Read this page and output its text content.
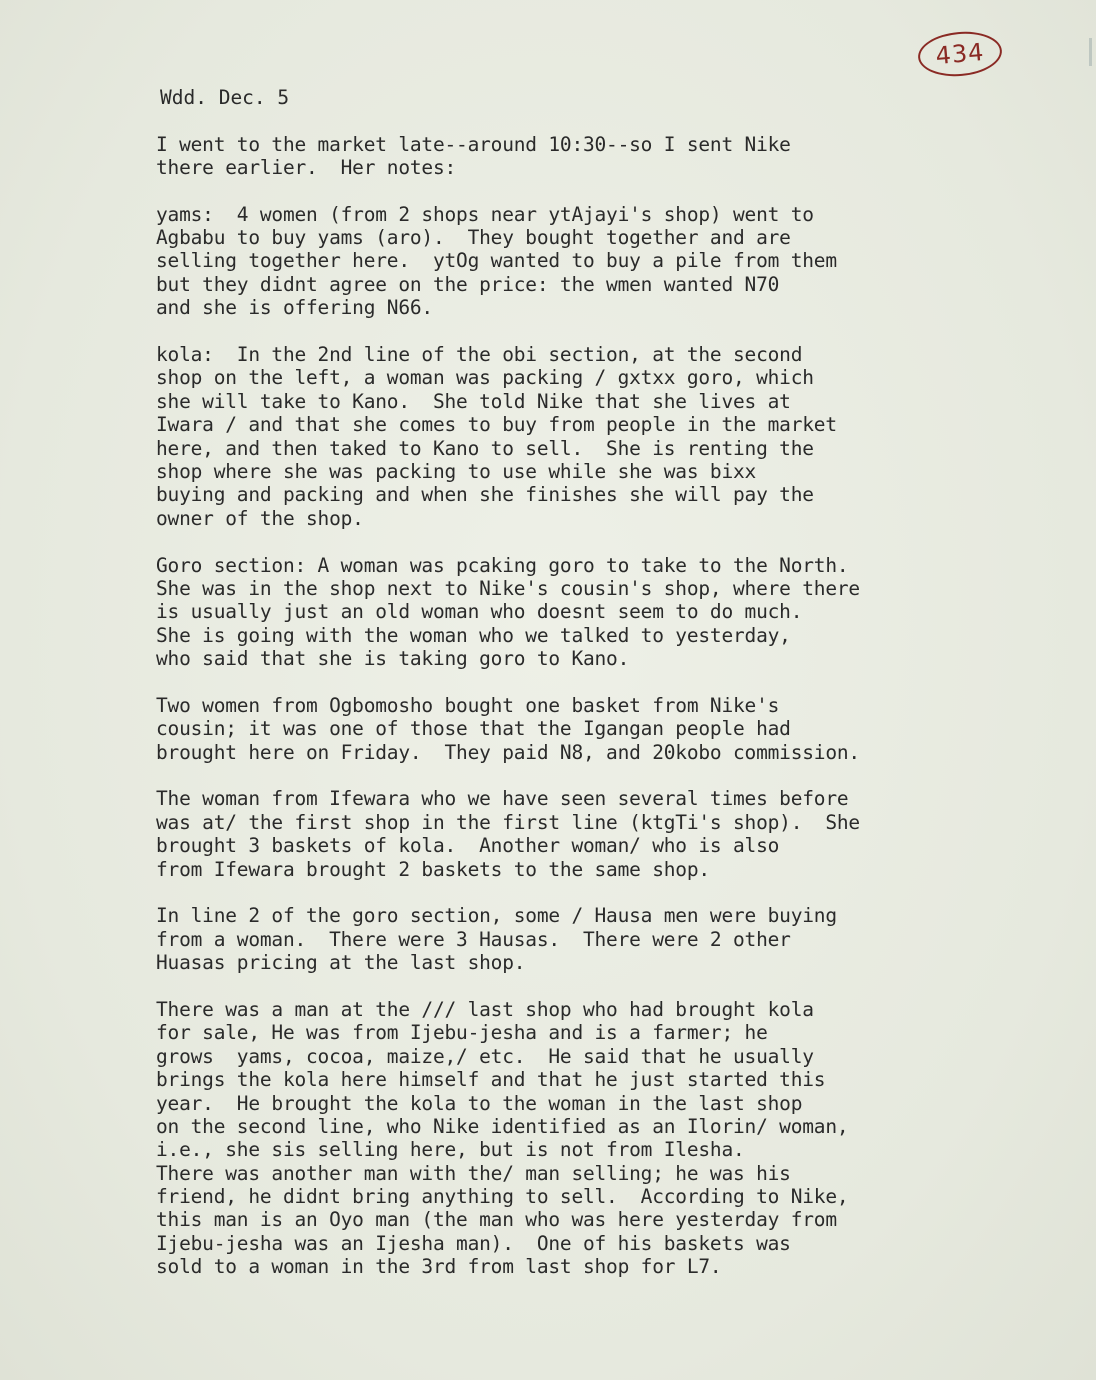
434
Wdd. Dec. 5
I went to the market late--around 10:30--so I sent Nike
there earlier.  Her notes:
yams:  4 women (from 2 shops near ytAjayi's shop) went to
Agbabu to buy yams (aro).  They bought together and are
selling together here.  ytOg wanted to buy a pile from them
but they didnt agree on the price: the wmen wanted N70
and she is offering N66.
kola:  In the 2nd line of the obi section, at the second
shop on the left, a woman was packing / gxtxx goro, which
she will take to Kano.  She told Nike that she lives at
Iwara / and that she comes to buy from people in the market
here, and then taked to Kano to sell.  She is renting the
shop where she was packing to use while she was bixx
buying and packing and when she finishes she will pay the
owner of the shop.
Goro section: A woman was pcaking goro to take to the North.
She was in the shop next to Nike's cousin's shop, where there
is usually just an old woman who doesnt seem to do much.
She is going with the woman who we talked to yesterday,
who said that she is taking goro to Kano.
Two women from Ogbomosho bought one basket from Nike's
cousin; it was one of those that the Igangan people had
brought here on Friday.  They paid N8, and 20kobo commission.
The woman from Ifewara who we have seen several times before
was at/ the first shop in the first line (ktgTi's shop).  She
brought 3 baskets of kola.  Another woman/ who is also
from Ifewara brought 2 baskets to the same shop.
In line 2 of the goro section, some / Hausa men were buying
from a woman.  There were 3 Hausas.  There were 2 other
Huasas pricing at the last shop.
There was a man at the /// last shop who had brought kola
for sale, He was from Ijebu-jesha and is a farmer; he
grows  yams, cocoa, maize,/ etc.  He said that he usually
brings the kola here himself and that he just started this
year.  He brought the kola to the woman in the last shop
on the second line, who Nike identified as an Ilorin/ woman,
i.e., she sis selling here, but is not from Ilesha.
There was another man with the/ man selling; he was his
friend, he didnt bring anything to sell.  According to Nike,
this man is an Oyo man (the man who was here yesterday from
Ijebu-jesha was an Ijesha man).  One of his baskets was
sold to a woman in the 3rd from last shop for L7.
